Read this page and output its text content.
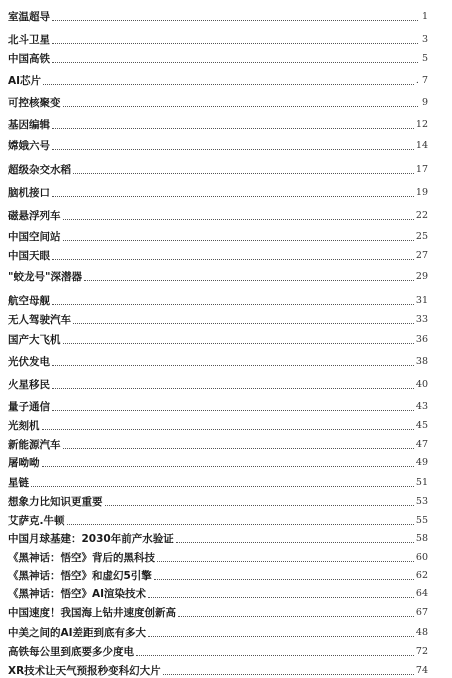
室温超导	1
北斗卫星	3
中国高铁	5
AI芯片	. 7
可控核聚变	9
基因编辑	12
嫦娥六号	14
超级杂交水稻	17
脑机接口	19
磁悬浮列车	22
中国空间站	25
中国天眼	27
"蛟龙号"深潜器	29
航空母舰	31
无人驾驶汽车	33
国产大飞机	36
光伏发电	38
火星移民	40
量子通信	43
光刻机	45
新能源汽车	47
屠呦呦	49
星链	51
想象力比知识更重要	53
艾萨克.牛顿	55
中国月球基建：2030年前产水验证	58
《黑神话：悟空》背后的黑科技	60
《黑神话：悟空》和虚幻5引擎	62
《黑神话：悟空》AI渲染技术	64
中国速度！我国海上钻井速度创新高	67
中美之间的AI差距到底有多大	48
高铁每公里到底要多少度电	72
XR技术让天气预报秒变科幻大片	74
